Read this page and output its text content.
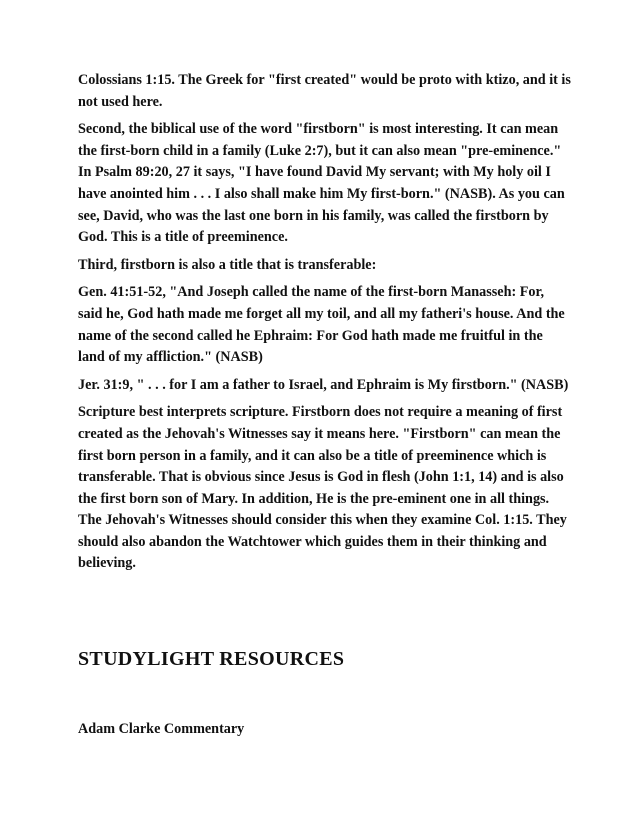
Colossians 1:15. The Greek for "first created" would be proto with ktizo, and it is not used here.

Second, the biblical use of the word "firstborn" is most interesting. It can mean the first-born child in a family (Luke 2:7), but it can also mean "pre-eminence." In Psalm 89:20, 27 it says, "I have found David My servant; with My holy oil I have anointed him . . . I also shall make him My first-born." (NASB). As you can see, David, who was the last one born in his family, was called the firstborn by God. This is a title of preeminence.

Third, firstborn is also a title that is transferable:

Gen. 41:51-52, "And Joseph called the name of the first-born Manasseh: For, said he, God hath made me forget all my toil, and all my fatheri's house. And the name of the second called he Ephraim: For God hath made me fruitful in the land of my affliction." (NASB)

Jer. 31:9, " . . . for I am a father to Israel, and Ephraim is My firstborn." (NASB)

Scripture best interprets scripture. Firstborn does not require a meaning of first created as the Jehovah's Witnesses say it means here. "Firstborn" can mean the first born person in a family, and it can also be a title of preeminence which is transferable. That is obvious since Jesus is God in flesh (John 1:1, 14) and is also the first born son of Mary. In addition, He is the pre-eminent one in all things. The Jehovah's Witnesses should consider this when they examine Col. 1:15. They should also abandon the Watchtower which guides them in their thinking and believing.

STUDYLIGHT RESOURCES
Adam Clarke Commentary
